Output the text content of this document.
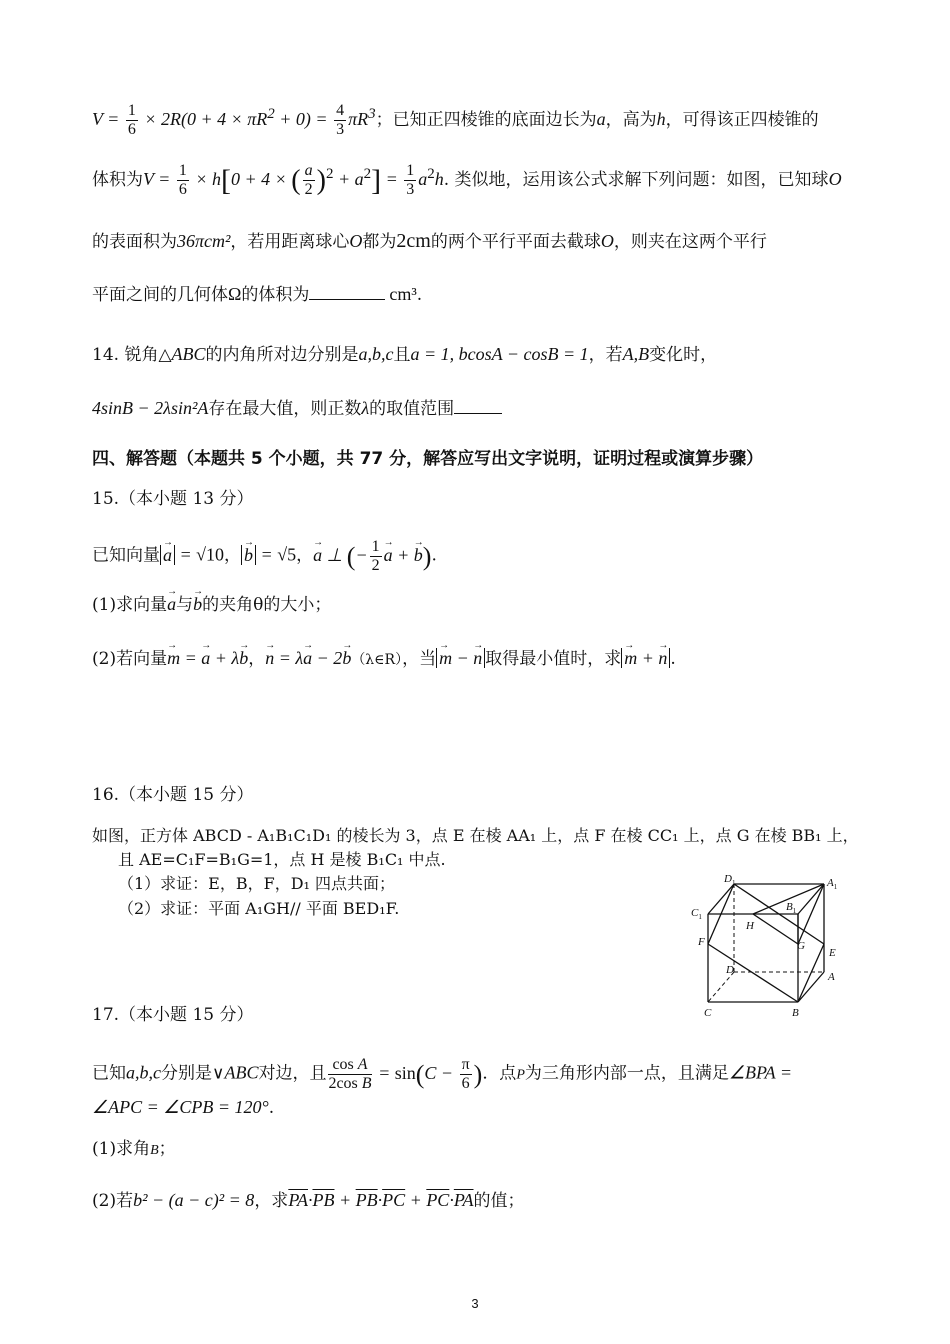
$V = \frac{1}{6} \times 2R(0 + 4 \times \pi R^2 + 0) = \frac{4}{3} \pi R^3$；已知正四棱锥的底面边长为a，高为h，可得该正四棱锥的
体积为$V = \frac{1}{6} \times h[0 + 4$ × ( $\frac{a}{2} )^2 + a^2] = \frac{1}{3} a^2h$. 类似地，运用该公式求解下列问题：如图，已知球O
的表面积为36πcm²，若用距离球心O都为2cm的两个平行平面去截球O，则夹在这两个平行
平面之间的几何体Ω的体积为	cm³.
14. 锐角△ABC的内角所对边分别是a,b,c且a = 1, bcosA − cosB = 1，若A,B变化时，
4sinB − 2λsin²A存在最大值，则正数λ的取值范围
四、解答题（本题共 5 个小题，共 77 分，解答应写出文字说明，证明过程或演算步骤）
15.（本小题 13 分）
已知向量 → a = √10， → b = √5，→ a ⊥ (− $\frac{1}{2} \to a$ + → b).
(1)求向量→ a与→ b的夹角θ的大小；
(2)若向量→ m = → a + λ→ b，→ n = λ→ a − 2→ b（λ∈R），当 → m − → n 取得最小值时，求 → m + → n .
16.（本小题 15 分）
如图，正方体 ABCD - A₁B₁C₁D₁ 的棱长为 3，点 E 在棱 AA₁ 上，点 F 在棱 CC₁ 上，点 G 在棱 BB₁ 上，
且 AE=C₁F=B₁G=1，点 H 是棱 B₁C₁ 中点.
（1）求证：E，B，F，D₁ 四点共面；
（2）求证：平面 A₁GH// 平面 BED₁F.
$D_1$	$A_1$
$B_1$
$C_1$
H
G
F
E
D
A
C	B
17.（本小题 15 分）
已知a,b,c分别是∨ABC对边，且 $\frac{\text{cos A}}{\text{2cos B}} = \sin(C - \frac{\pi}{6}$ )．点P为三角形内部一点，且满足∠BPA =
∠APC = ∠CPB = 120°.
(1)求角B；
(2)若b² − (a − c)² = 8，求$\overline{PA}\cdot\overline{PB} + \overline{PB}\cdot\overline{PC} + \overline{PC}\cdot\overline{PA}$的值；
3
